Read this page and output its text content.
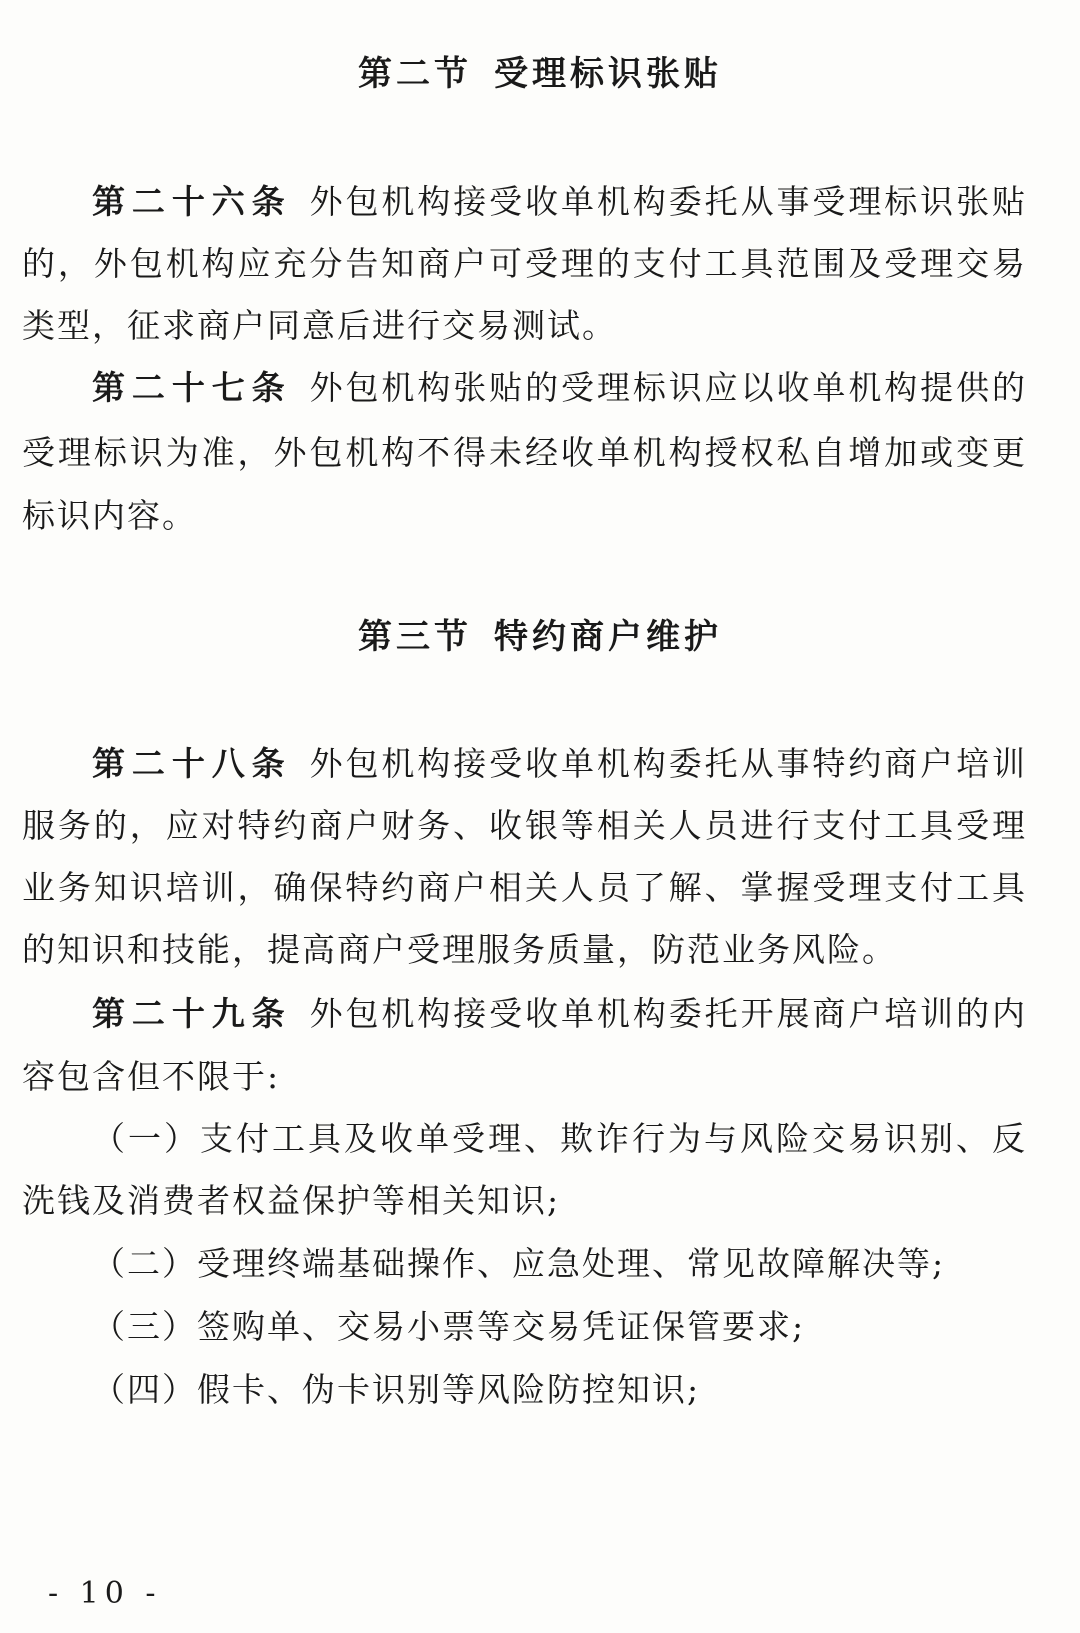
第二节 受理标识张贴
第二十六条 外包机构接受收单机构委托从事受理标识张贴
的，外包机构应充分告知商户可受理的支付工具范围及受理交易
类型，征求商户同意后进行交易测试。
第二十七条 外包机构张贴的受理标识应以收单机构提供的
受理标识为准，外包机构不得未经收单机构授权私自增加或变更
标识内容。
第三节 特约商户维护
第二十八条 外包机构接受收单机构委托从事特约商户培训
服务的，应对特约商户财务、收银等相关人员进行支付工具受理
业务知识培训，确保特约商户相关人员了解、掌握受理支付工具
的知识和技能，提高商户受理服务质量，防范业务风险。
第二十九条 外包机构接受收单机构委托开展商户培训的内
容包含但不限于:
（一）支付工具及收单受理、欺诈行为与风险交易识别、反
洗钱及消费者权益保护等相关知识;
（二）受理终端基础操作、应急处理、常见故障解决等;
（三）签购单、交易小票等交易凭证保管要求;
（四）假卡、伪卡识别等风险防控知识;
- 10 -
